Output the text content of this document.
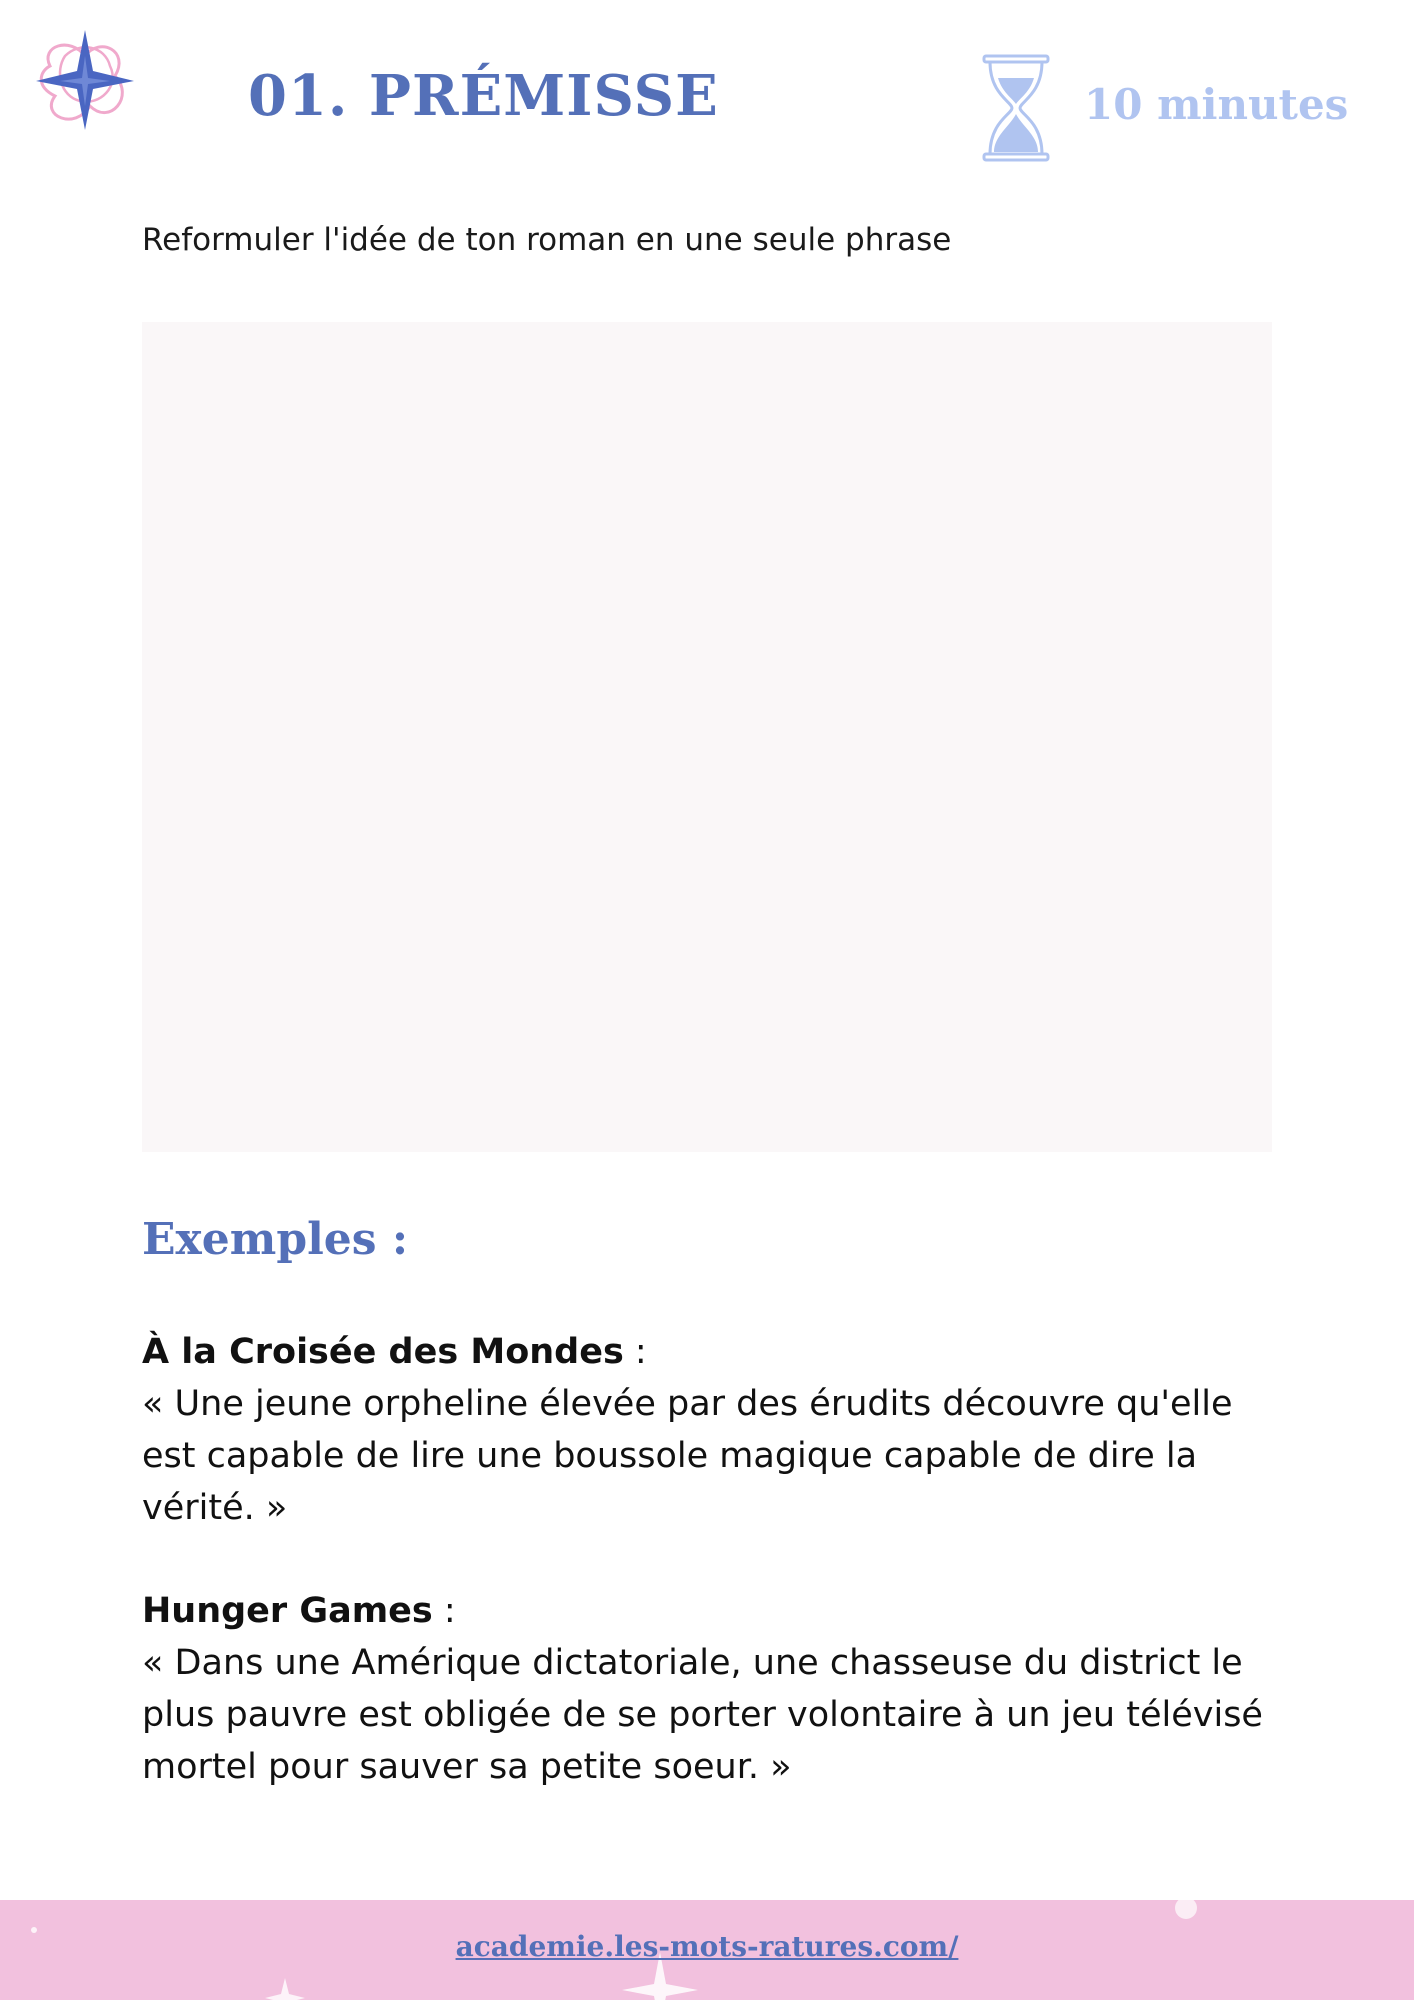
01. PRÉMISSE	10 minutes

Reformuler l'idée de ton roman en une seule phrase

Exemples :

À la Croisée des Mondes :

« Une jeune orpheline élevée par des érudits découvre qu'elle est capable de lire une boussole magique capable de dire la vérité. »

Hunger Games :

« Dans une Amérique dictatoriale, une chasseuse du district le plus pauvre est obligée de se porter volontaire à un jeu télévisé mortel pour sauver sa petite soeur. »

academie.les-mots-ratures.com/
